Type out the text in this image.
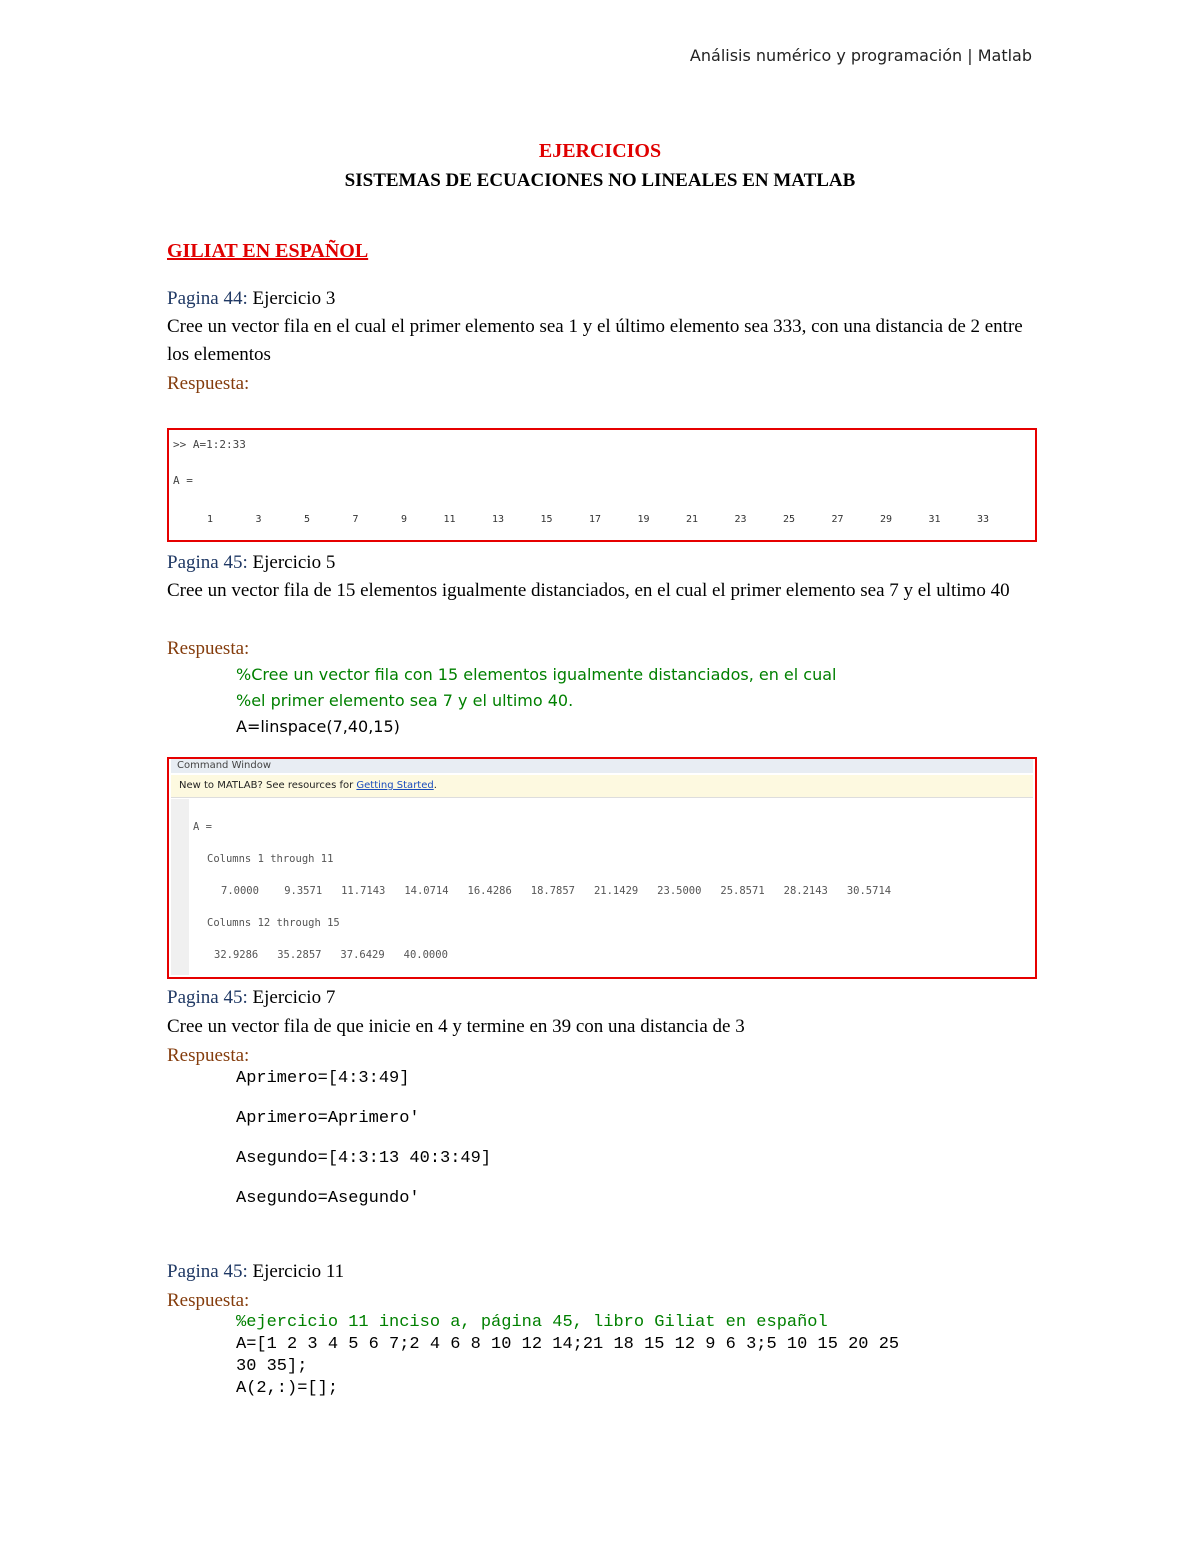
Análisis numérico y programación | Matlab
EJERCICIOS
SISTEMAS DE ECUACIONES NO LINEALES EN MATLAB
GILIAT EN ESPAÑOL
Pagina 44: Ejercicio 3
Cree un vector fila en el cual el primer elemento sea 1 y el último elemento sea 333, con una distancia de 2 entre los elementos
Respuesta:
>> A=1:2:33
A =
1	3	5	7	9	11	13	15	17	19	21	23	25	27	29	31	33
Pagina 45: Ejercicio 5
Cree un vector fila de 15 elementos igualmente distanciados, en el cual el primer elemento sea 7 y el ultimo 40
Respuesta:
%Cree un vector fila con 15 elementos igualmente distanciados, en el cual
%el primer elemento sea 7 y el ultimo 40.
A=linspace(7,40,15)
Command Window
New to MATLAB? See resources for Getting Started.
A =
Columns 1 through 11
7.0000    9.3571   11.7143   14.0714   16.4286   18.7857   21.1429   23.5000   25.8571   28.2143   30.5714
Columns 12 through 15
32.9286   35.2857   37.6429   40.0000
Pagina 45: Ejercicio 7
Cree un vector fila de que inicie en 4 y termine en 39 con una distancia de 3
Respuesta:
Aprimero=[4:3:49]
Aprimero=Aprimero'
Asegundo=[4:3:13 40:3:49]
Asegundo=Asegundo'
Pagina 45: Ejercicio 11
Respuesta:
%ejercicio 11 inciso a, página 45, libro Giliat en español
A=[1 2 3 4 5 6 7;2 4 6 8 10 12 14;21 18 15 12 9 6 3;5 10 15 20 25
30 35];
A(2,:)=[];
